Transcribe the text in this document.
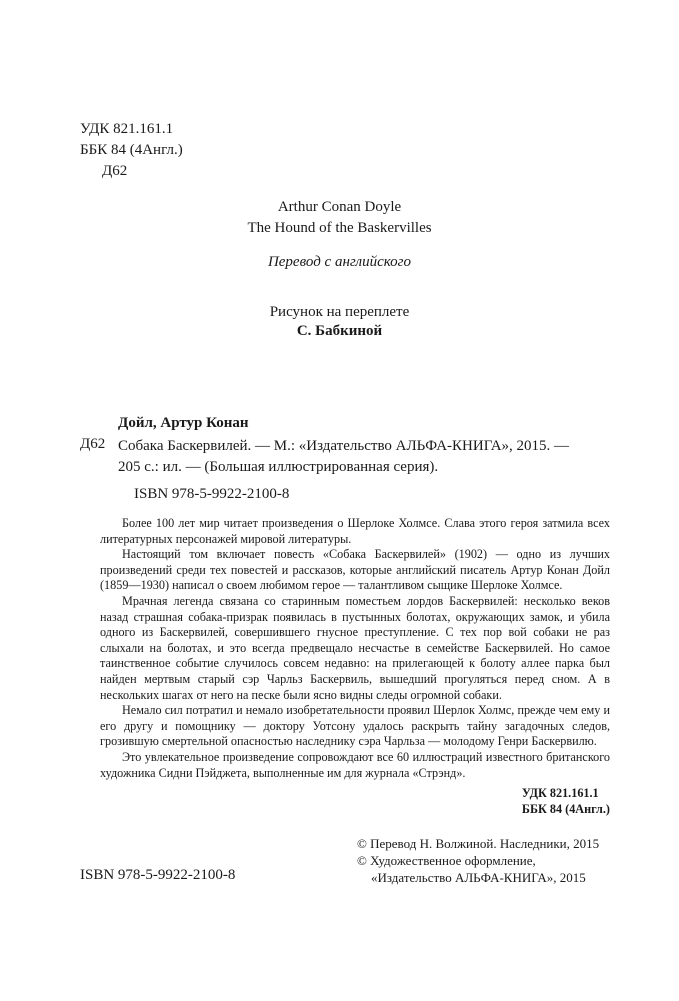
УДК 821.161.1
ББК 84 (4Англ.)
Д62
Arthur Conan Doyle
The Hound of the Baskervilles
Перевод с английского
Рисунок на переплете
С. Бабкиной
Дойл, Артур Конан
Д62 Собака Баскервилей. — М.: «Издательство АЛЬФА-КНИГА», 2015. —
205 с.: ил. — (Большая иллюстрированная серия).
ISBN 978-5-9922-2100-8

Более 100 лет мир читает произведения о Шерлоке Холмсе. Слава этого героя затмила всех литературных персонажей мировой литературы.

Настоящий том включает повесть «Собака Баскервилей» (1902) — одно из лучших произведений среди тех повестей и рассказов, которые английский писатель Артур Конан Дойл (1859—1930) написал о своем любимом герое — талантливом сыщике Шерлоке Холмсе.

Мрачная легенда связана со старинным поместьем лордов Баскервилей: несколько веков назад страшная собака-призрак появилась в пустынных болотах, окружающих замок, и убила одного из Баскервилей, совершившего гнусное преступление. С тех пор вой собаки не раз слыхали на болотах, и это всегда предвещало несчастье в семействе Баскервилей. Но самое таинственное событие случилось совсем недавно: на прилегающей к болоту аллее парка был найден мертвым старый сэр Чарльз Баскервиль, вышедший прогуляться перед сном. А в нескольких шагах от него на песке были ясно видны следы огромной собаки.

Немало сил потратил и немало изобретательности проявил Шерлок Холмс, прежде чем ему и его другу и помощнику — доктору Уотсону удалось раскрыть тайну загадочных следов, грозившую смертельной опасностью наследнику сэра Чарльза — молодому Генри Баскервилю.

Это увлекательное произведение сопровождают все 60 иллюстраций известного британского художника Сидни Пэйджета, выполненные им для журнала «Стрэнд».

УДК 821.161.1
ББК 84 (4Англ.)
© Перевод Н. Волжиной. Наследники, 2015
© Художественное оформление,
«Издательство АЛЬФА-КНИГА», 2015
ISBN 978-5-9922-2100-8
